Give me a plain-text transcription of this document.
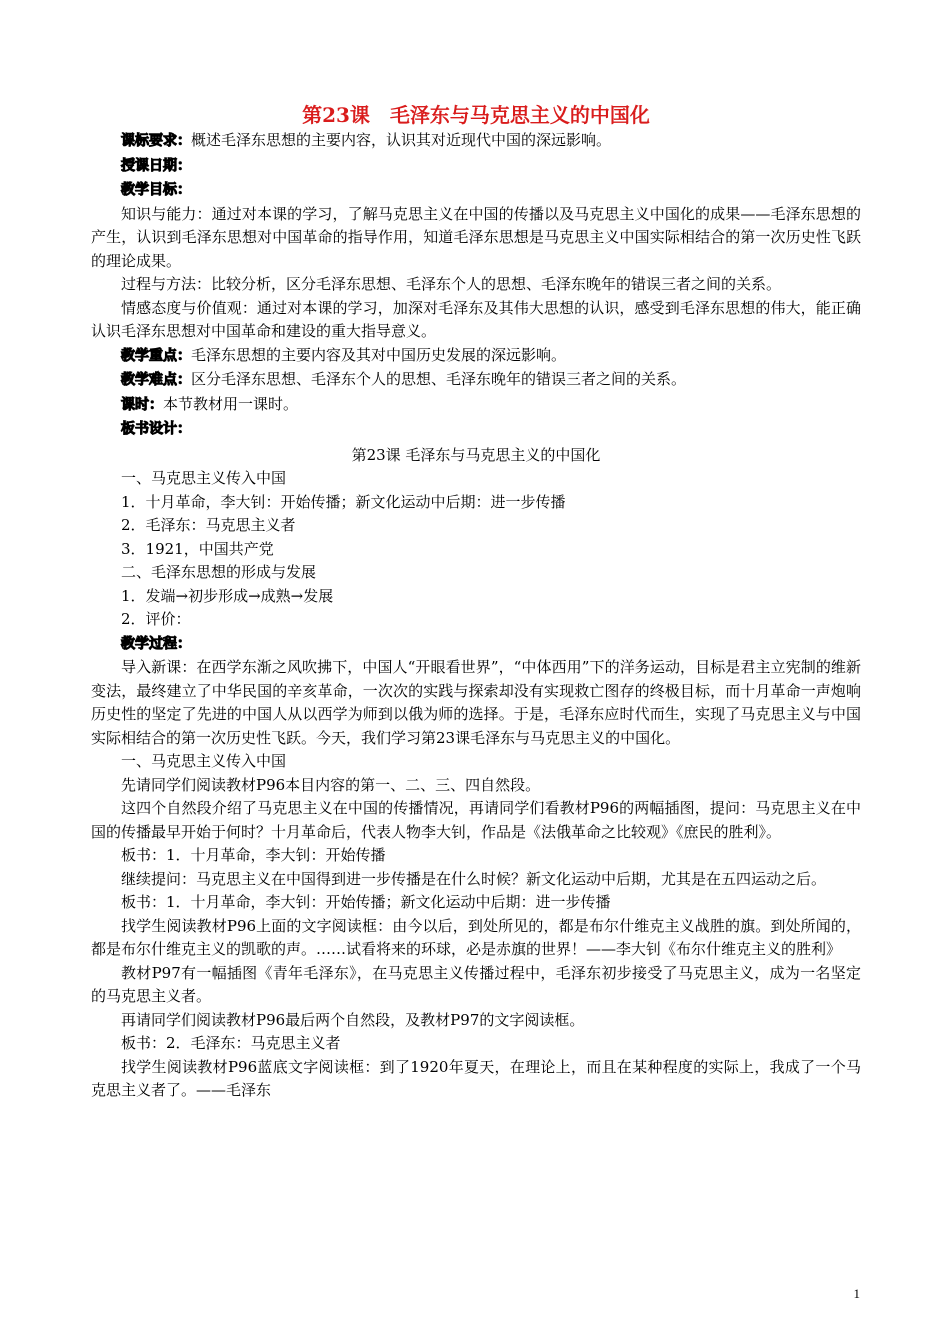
第23课　毛泽东与马克思主义的中国化

课标要求：概述毛泽东思想的主要内容，认识其对近现代中国的深远影响。

授课日期：

教学目标：

知识与能力：通过对本课的学习，了解马克思主义在中国的传播以及马克思主义中国化的成果——毛泽东思想的产生，认识到毛泽东思想对中国革命的指导作用，知道毛泽东思想是马克思主义中国实际相结合的第一次历史性飞跃的理论成果。

过程与方法：比较分析，区分毛泽东思想、毛泽东个人的思想、毛泽东晚年的错误三者之间的关系。

情感态度与价值观：通过对本课的学习，加深对毛泽东及其伟大思想的认识，感受到毛泽东思想的伟大，能正确认识毛泽东思想对中国革命和建设的重大指导意义。

教学重点：毛泽东思想的主要内容及其对中国历史发展的深远影响。

教学难点：区分毛泽东思想、毛泽东个人的思想、毛泽东晚年的错误三者之间的关系。

课时：本节教材用一课时。

板书设计：

第23课 毛泽东与马克思主义的中国化

一、马克思主义传入中国

1．十月革命，李大钊：开始传播；新文化运动中后期：进一步传播

2．毛泽东：马克思主义者

3．1921，中国共产党

二、毛泽东思想的形成与发展

1．发端→初步形成→成熟→发展

2．评价：

教学过程：

导入新课：在西学东渐之风吹拂下，中国人“开眼看世界”，“中体西用”下的洋务运动，目标是君主立宪制的维新变法，最终建立了中华民国的辛亥革命，一次次的实践与探索却没有实现救亡图存的终极目标，而十月革命一声炮响历史性的坚定了先进的中国人从以西学为师到以俄为师的选择。于是，毛泽东应时代而生，实现了马克思主义与中国实际相结合的第一次历史性飞跃。今天，我们学习第23课毛泽东与马克思主义的中国化。

一、马克思主义传入中国

先请同学们阅读教材P96本目内容的第一、二、三、四自然段。

这四个自然段介绍了马克思主义在中国的传播情况，再请同学们看教材P96的两幅插图，提问：马克思主义在中国的传播最早开始于何时？十月革命后，代表人物李大钊，作品是《法俄革命之比较观》《庶民的胜利》。

板书：1．十月革命，李大钊：开始传播

继续提问：马克思主义在中国得到进一步传播是在什么时候？新文化运动中后期，尤其是在五四运动之后。

板书：1．十月革命，李大钊：开始传播；新文化运动中后期：进一步传播

找学生阅读教材P96上面的文字阅读框：由今以后，到处所见的，都是布尔什维克主义战胜的旗。到处所闻的，都是布尔什维克主义的凯歌的声。……试看将来的环球，必是赤旗的世界！——李大钊《布尔什维克主义的胜利》

教材P97有一幅插图《青年毛泽东》，在马克思主义传播过程中，毛泽东初步接受了马克思主义，成为一名坚定的马克思主义者。

再请同学们阅读教材P96最后两个自然段，及教材P97的文字阅读框。

板书：2．毛泽东：马克思主义者

找学生阅读教材P96蓝底文字阅读框：到了1920年夏天，在理论上，而且在某种程度的实际上，我成了一个马克思主义者了。——毛泽东

1
